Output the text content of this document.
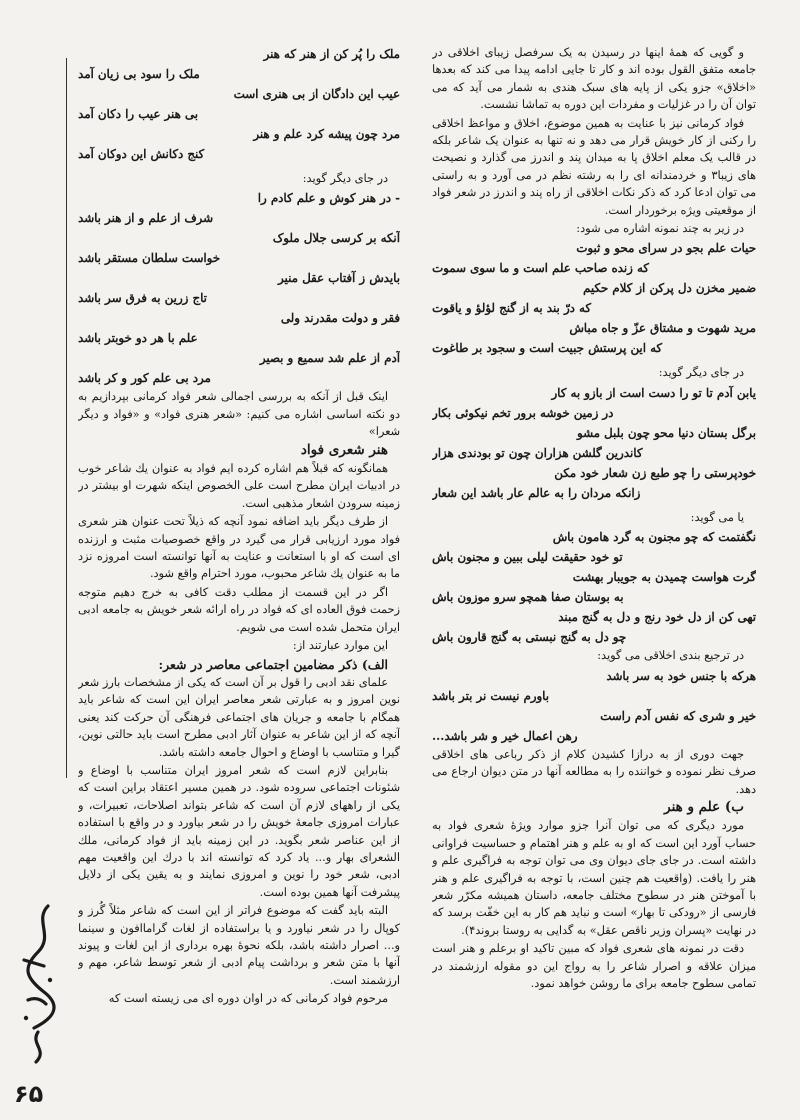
و گویی که همهٔ اینها در رسیدن به یک سرفصل زیبای اخلاقی در جامعه متفق القول بوده اند و کار تا جایی ادامه پیدا می کند که بعدها «اخلاق» جزو یکی از پایه های سبک هندی به شمار می آید که می توان آن را در غزلیات و مفردات این دوره به تماشا نشست.

فواد کرمانی نیز با عنایت به همین موضوع، اخلاق و مواعظ اخلاقی را رکنی از کار خویش قرار می دهد و نه تنها به عنوان یک شاعر بلکه در قالب یک معلم اخلاق پا به میدان پند و اندرز می گذارد و نصیحت های زیبا۳ و خردمندانه ای را به رشته نظم در می آورد و به راستی می توان ادعا کرد که ذکر نکات اخلاقی از راه پند و اندرز در شعر فواد از موقعیتی ویژه برخوردار است.

در زیر به چند نمونه اشاره می شود:

حیات علم بجو در سرای محو و ثبوت
که زنده صاحب علم است و ما سوی سموت
ضمیر مخزن دل پرکن از کلام حکیم
که درّ بند به از گنج لؤلؤ و یاقوت
مرید شهوت و مشتاق عزّ و جاه مباش
که این پرستش جبیت است و سجود بر طاغوت

در جای دیگر گوید:

یابن آدم تا تو را دست است از بازو به کار
در زمین خوشه برور تخم نیکوئی بکار
برگل بستان دنیا محو چون بلبل مشو
کاندرین گلشن هزاران چون تو بودندی هزار
خودپرستی را چو طبع زن شعار خود مکن
زانکه مردان را به عالم عار باشد این شعار

یا می گوید:

نگفتمت که چو مجنون به گرد هامون باش
تو خود حقیقت لیلی ببین و مجنون باش
گرت هواست چمیدن به جویبار بهشت
به بوستان صفا همچو سرو موزون باش
تهی کن از دل خود رنج و دل به گنج مبند
چو دل به گنج نبستی به گنج قارون باش

در ترجیع بندی اخلاقی می گوید:

هرکه با جنس خود به سر باشد
باورم نیست نر بتر باشد
خیر و شری که نفس آدم راست
رهن اعمال خیر و شر باشد...

جهت دوری از به درازا کشیدن کلام از ذکر رباعی های اخلاقی صرف نظر نموده و خواننده را به مطالعه آنها در متن دیوان ارجاع می دهد.

ب) علم و هنر

مورد دیگری که می توان آنرا جزو موارد ویژهٔ شعری فواد به حساب آورد این است که او به علم و هنر اهتمام و حساسیت فراوانی داشته است. در جای جای دیوان وی می توان توجه به فراگیری علم و هنر را یافت. (واقعیت هم چنین است، با توجه به فراگیری علم و هنر با آموختن هنر در سطوح مختلف جامعه، داستان همیشه مکرّر شعر فارسی از «رودکی تا بهار» است و نباید هم کار به این خفّت برسد که در نهایت «پسران وزیر ناقص عقل» به گدایی به روستا بروند۴).

دقت در نمونه های شعری فواد که مبین تاکید او برعلم و هنر است میزان علاقه و اصرار شاعر را به رواج این دو مقوله ارزشمند در تمامی سطوح جامعه برای ما روشن خواهد نمود.

ملک را پُر کن از هنر که هنر
ملک را سود بی زیان آمد
عیب این دادگان از بی هنری است
بی هنر عیب را دکان آمد
مرد چون پیشه کرد علم و هنر
کنج دکانش این دوکان آمد

در جای دیگر گوید:

- در هنر کوش و علم کادم را
شرف از علم و از هنر باشد
آنکه بر کرسی جلال ملوک
خواست سلطان مستقر باشد
بایدش ز آفتاب عقل منیر
تاج زرین به فرق سر باشد
فقر و دولت مقدرند ولی
علم با هر دو خوبتر باشد
آدم از علم شد سمیع و بصیر
مرد بی علم کور و کر باشد

اینک قبل از آنکه به بررسی اجمالی شعر فواد کرمانی بپردازیم به دو نکته اساسی اشاره می کنیم: «شعر هنری فواد» و «فواد و دیگر شعرا»

هنر شعری فواد

همانگونه که قبلاً هم اشاره کرده ایم فواد به عنوان یك شاعر خوب در ادبیات ایران مطرح است علی الخصوص اینکه شهرت او بیشتر در زمینه سرودن اشعار مذهبی است.

از طرف دیگر باید اضافه نمود آنچه که ذیلاً تحت عنوان هنر شعری فواد مورد ارزیابی قرار می گیرد در واقع خصوصیات مثبت و ارزنده ای است که او با استعانت و عنایت به آنها توانسته است امروزه نزد ما به عنوان یك شاعر محبوب، مورد احترام واقع شود.

اگر در این قسمت از مطلب دقت کافی به خرج دهیم متوجه زحمت فوق العاده ای که فواد در راه ارائه شعر خویش به جامعه ادبی ایران متحمل شده است می شویم.

این موارد عبارتند از:

الف) ذکر مضامین اجتماعی معاصر در شعر:

علمای نقد ادبی را قول بر آن است که یکی از مشخصات بارز شعر نوین امروز و به عبارتی شعر معاصر ایران این است که شاعر باید همگام با جامعه و جریان های اجتماعی فرهنگی آن حرکت کند یعنی آنچه که از این شاعر به عنوان آثار ادبی مطرح است باید حالتی نوین، گیرا و متناسب با اوضاع و احوال جامعه داشته باشد.

بنابراین لازم است که شعر امروز ایران متناسب با اوضاع و شئونات اجتماعی سروده شود. در همین مسیر اعتقاد براین است که یکی از راههای لازم آن است که شاعر بتواند اصلاحات، تعبیرات، و عبارات امروزی جامعهٔ خویش را در شعر بیاورد و در واقع با استفاده از این عناصر شعر بگوید. در این زمینه باید از فواد کرمانی، ملك الشعرای بهار و... یاد کرد که توانسته اند با درك این واقعیت مهم ادبی، شعر خود را نوین و امروزی نمایند و به یقین یکی از دلایل پیشرفت آنها همین بوده است.

البته باید گفت که موضوع فراتر از این است که شاعر مثلاً گُرز و کوپال را در شعر نیاورد و یا براستفاده از لغات گراماافون و سینما و... اصرار داشته باشد، بلکه نحوهٔ بهره برداری از این لغات و پیوند آنها با متن شعر و برداشت پیام ادبی از شعر توسط شاعر، مهم و ارزشمند است.

مرحوم فواد کرمانی که در اوان دوره ای می زیسته است که

۶۵
